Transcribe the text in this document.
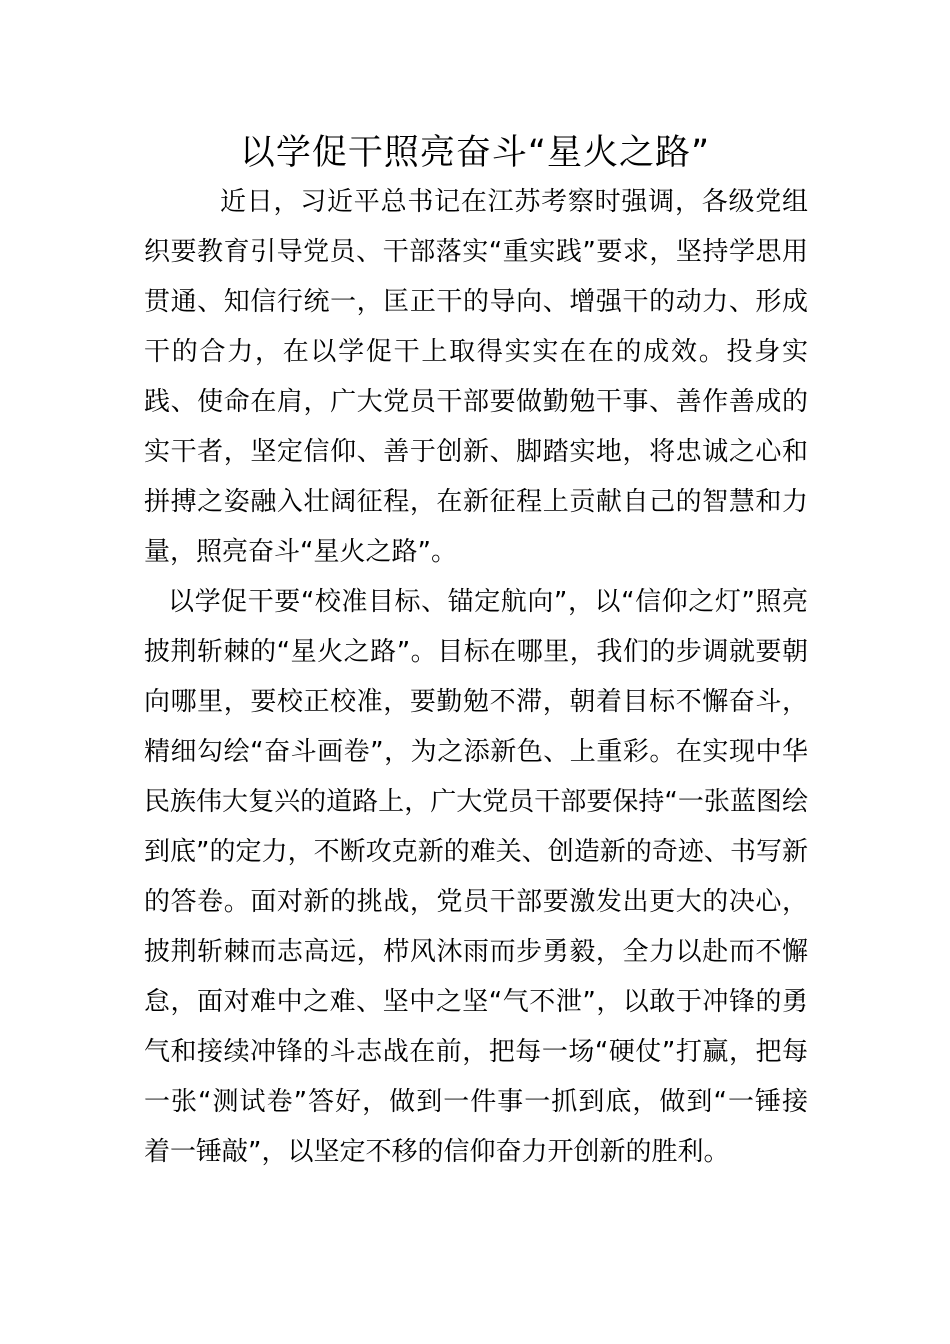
以学促干照亮奋斗“星火之路”

近日，习近平总书记在江苏考察时强调，各级党组织要教育引导党员、干部落实“重实践”要求，坚持学思用贯通、知信行统一，匡正干的导向、增强干的动力、形成干的合力，在以学促干上取得实实在在的成效。投身实践、使命在肩，广大党员干部要做勤勉干事、善作善成的实干者，坚定信仰、善于创新、脚踏实地，将忠诚之心和拼搏之姿融入壮阔征程，在新征程上贡献自己的智慧和力量，照亮奋斗“星火之路”。

以学促干要“校准目标、锚定航向”，以“信仰之灯”照亮披荆斩棘的“星火之路”。目标在哪里，我们的步调就要朝向哪里，要校正校准，要勤勉不滞，朝着目标不懈奋斗，精细勾绘“奋斗画卷”，为之添新色、上重彩。在实现中华民族伟大复兴的道路上，广大党员干部要保持“一张蓝图绘到底”的定力，不断攻克新的难关、创造新的奇迹、书写新的答卷。面对新的挑战，党员干部要激发出更大的决心，披荆斩棘而志高远，栉风沐雨而步勇毅，全力以赴而不懈怠，面对难中之难、坚中之坚“气不泄”，以敢于冲锋的勇气和接续冲锋的斗志战在前，把每一场“硬仗”打赢，把每一张“测试卷”答好，做到一件事一抓到底，做到“一锤接着一锤敲”，以坚定不移的信仰奋力开创新的胜利。
